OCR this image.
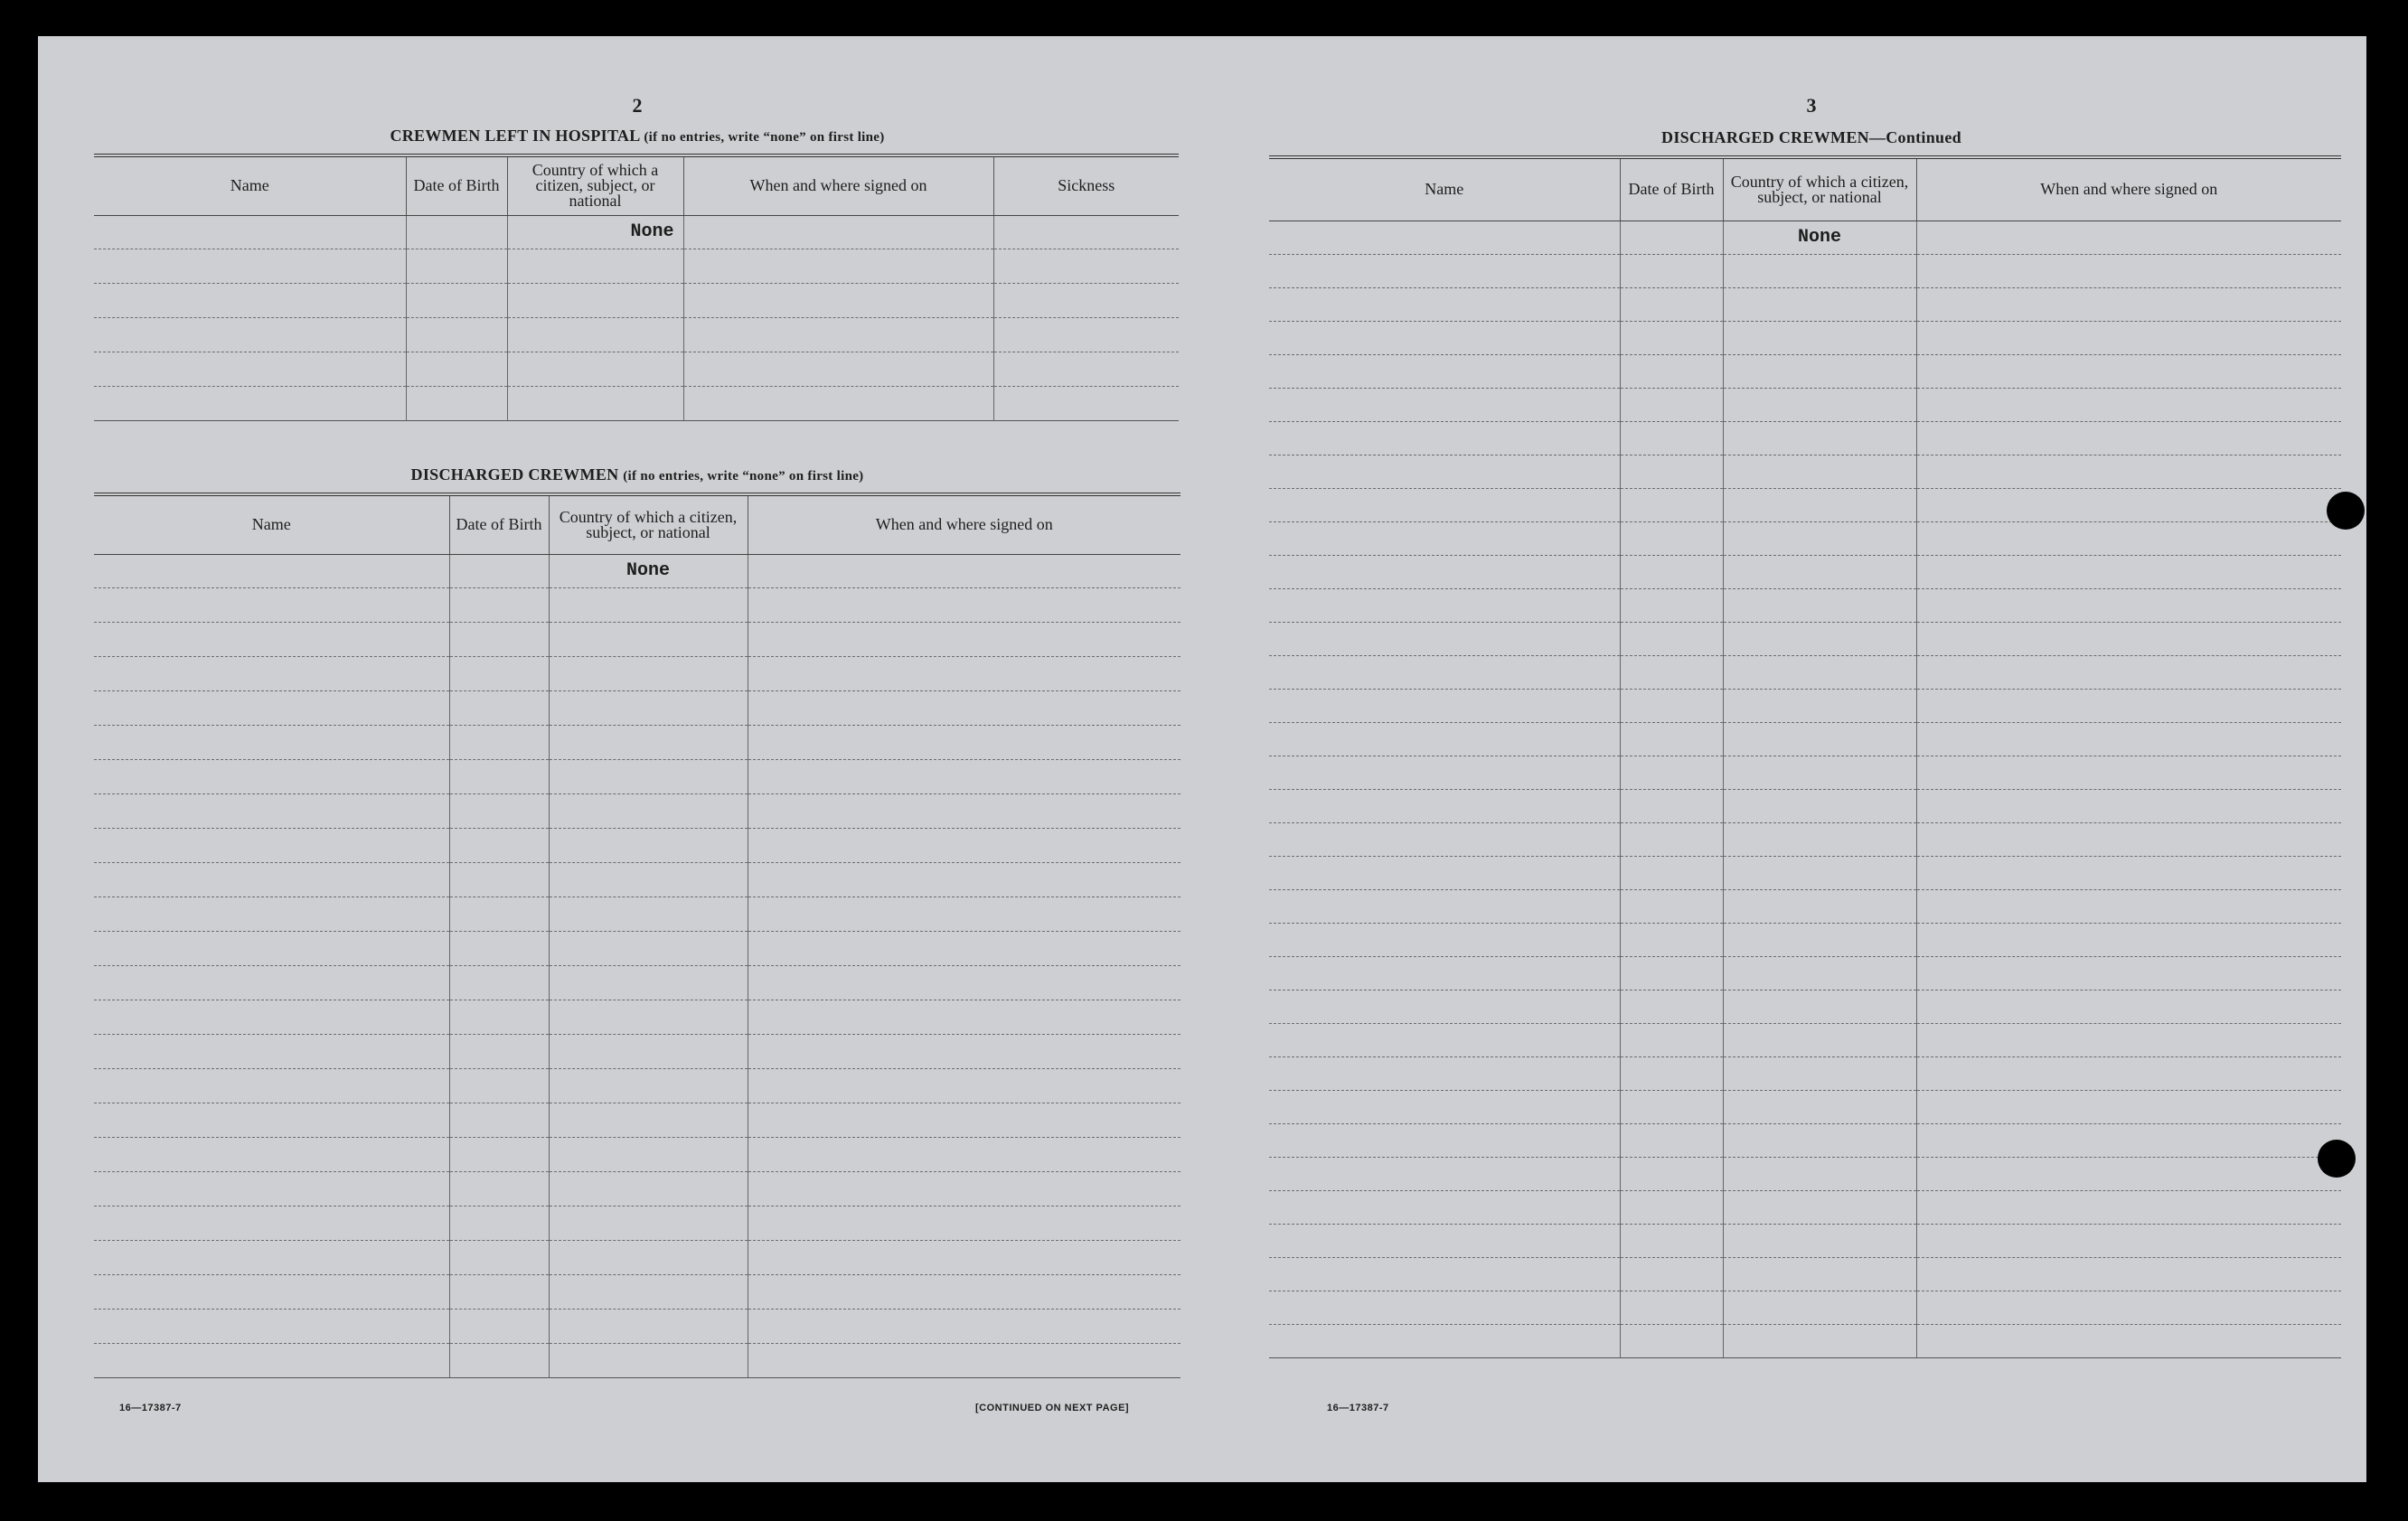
2
CREWMEN LEFT IN HOSPITAL (if no entries, write “none” on first line)
Name	Date of Birth	Country of which a citizen, subject, or national	When and where signed on	Sickness
		None		

DISCHARGED CREWMEN (if no entries, write “none” on first line)
Name	Date of Birth	Country of which a citizen, subject, or national	When and where signed on
		None	

16—17387-7	[CONTINUED ON NEXT PAGE]
3
DISCHARGED CREWMEN—Continued
Name	Date of Birth	Country of which a citizen, subject, or national	When and where signed on
		None	

16—17387-7
